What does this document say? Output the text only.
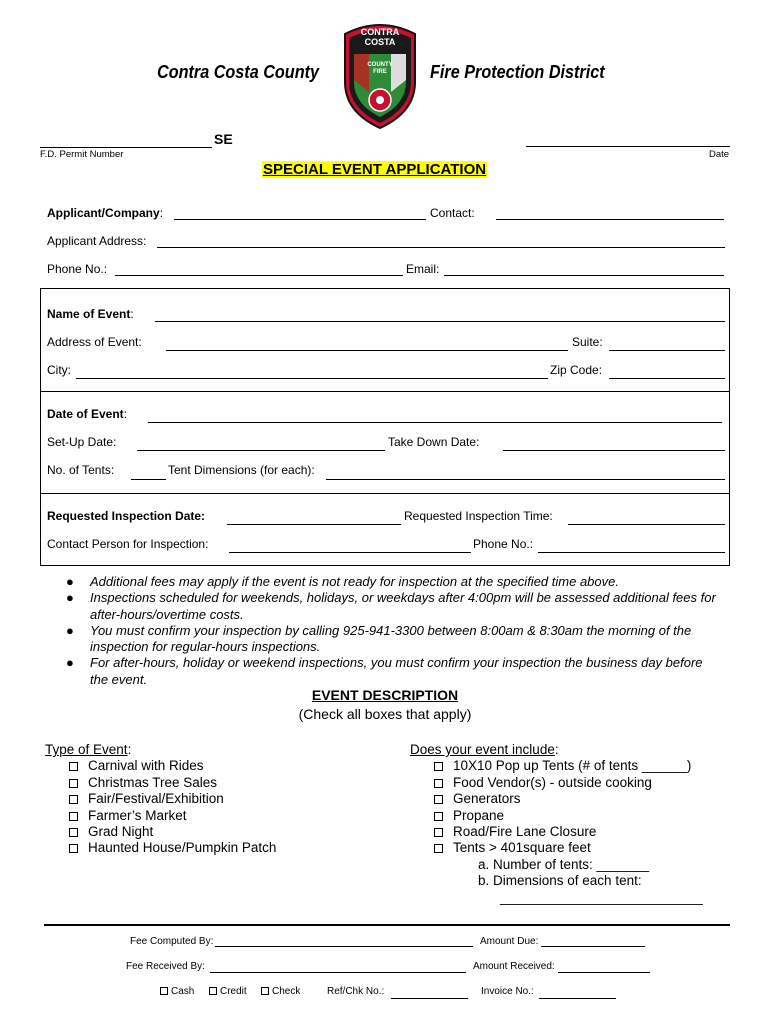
Contra Costa County	Fire Protection District
CONTRA
COSTA
COUNTY
FIRE
SE
F.D. Permit Number	Date
SPECIAL EVENT APPLICATION
Applicant/Company:	Contact:
Applicant Address:
Phone No.:	Email:
Name of Event:
Address of Event:	Suite:
City:	Zip Code:
Date of Event:
Set-Up Date:	Take Down Date:
No. of Tents:	Tent Dimensions (for each):
Requested Inspection Date:	Requested Inspection Time:
Contact Person for Inspection:	Phone No.:
● Additional fees may apply if the event is not ready for inspection at the specified time above.
● Inspections scheduled for weekends, holidays, or weekdays after 4:00pm will be assessed additional fees for after-hours/overtime costs.
● You must confirm your inspection by calling 925-941-3300 between 8:00am & 8:30am the morning of the inspection for regular-hours inspections.
● For after-hours, holiday or weekend inspections, you must confirm your inspection the business day before the event.
EVENT DESCRIPTION
(Check all boxes that apply)
Type of Event:
Carnival with Rides
Christmas Tree Sales
Fair/Festival/Exhibition
Farmer’s Market
Grad Night
Haunted House/Pumpkin Patch
Does your event include:
10X10 Pop up Tents (# of tents ______)
Food Vendor(s) - outside cooking
Generators
Propane
Road/Fire Lane Closure
Tents > 401square feet
a. Number of tents: _______
b. Dimensions of each tent:
___________________________
Fee Computed By:	Amount Due:
Fee Received By:	Amount Received:
Cash	Credit	Check	Ref/Chk No.:	Invoice No.:
